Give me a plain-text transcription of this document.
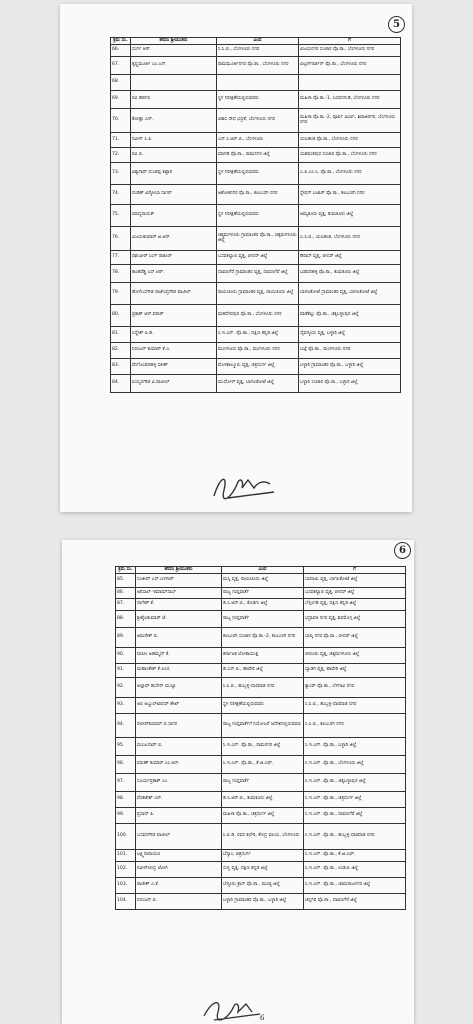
5
ಕ್ರಮ ಸಂ.	ಹೆಸರು ಶ್ರೀಯುತರು	ಎಂದ	ಗೆ
66.	ದುರ್ಗ ಆರ್.	ಸಿ.ಸಿ.ಬಿ., ಬೆಂಗಳೂರು ನಗರ	ವಿಜಯನಗರ ಸಂಚಾರ ಪೊ.ಠಾ., ಬೆಂಗಳೂರು ನಗರ
67.	ಕೃಷ್ಣಮೂರ್ತಿ ಎಂ.ಎನ್.	ರಾಮಮೂರ್ತಿನಗರ ಪೊ.ಠಾ., ಬೆಂಗಳೂರು ನಗರ	ವಿಲ್ಸನ್‌ಗಾರ್ಡನ್ ಪೊ.ಠಾ., ಬೆಂಗಳೂರು ನಗರ
68.			
69.	ರವಿ ಹಡಗಲಿ	ಸ್ಥಳ ನಿರೀಕ್ಷಣೆಯಲ್ಲಿರುವವರು	ಮಹಿಳಾ ಪೊ.ಠಾ.-1, ಬಸವನಗುಡಿ, ಬೆಂಗಳೂರು ನಗರ
70.	ಕೋಡ್ಲಾ ಎನ್.	ವಿಕಾಸ ಸೌಧ ಭದ್ರತೆ, ಬೆಂಗಳೂರು ನಗರ	ಮಹಿಳಾ ಪೊ.ಠಾ.-2, ಪೂರ್ವ ವಿಭಾಗ, ಶಿವಾಜಿನಗರ, ಬೆಂಗಳೂರು ನಗರ
71.	ನವೀನ್ ಸಿ.ಪಿ.	ಎಸ್.ಸಿ.ಆರ್.ಬಿ., ಬೆಂಗಳೂರು	ಯಲಹಂಕ ಪೊ.ಠಾ., ಬೆಂಗಳೂರು ನಗರ
72.	ರವಿ ಬಿ.	ಮಾಗಡಿ ಪೊ.ಠಾ., ರಾಮನಗರ ಜಿಲ್ಲೆ	ಯಶವಂತಪುರ ಸಂಚಾರ ಪೊ.ಠಾ., ಬೆಂಗಳೂರು ನಗರ
73.	ವಿಶ್ವನಾಥ್ ದುಂಡಪ್ಪ ಕಟ್ಟಾರಿ	ಸ್ಥಳ ನಿರೀಕ್ಷಣೆಯಲ್ಲಿರುವವರು	ಎ.ಪಿ.ಎಂ.ಸಿ. ಪೊ.ಠಾ., ಬೆಂಗಳೂರು ನಗರ
74.	ಪಂಡಿತ್ ವಿಠ್ಠೋಬಾ ಸಾಗರ್	ಅಶೋಕನಗರ ಪೊ.ಠಾ., ಕಲಬುರಗಿ ನಗರ	ಸ್ಟೇಷನ್ ಬಜಾರ್ ಪೊ.ಠಾ., ಕಲಬುರಗಿ ನಗರ
75.	ಮಾದ್ಯನಾಯಕ್	ಸ್ಥಳ ನಿರೀಕ್ಷಣೆಯಲ್ಲಿರುವವರು	ಅಮೃತೂರು ವೃತ್ತ, ತುಮಕೂರು ಜಿಲ್ಲೆ
76.	ವಿಜಯಕುಮಾರ್ ಜಿ.ಆರ್.	ಚಿಕ್ಕಮಗಳೂರು ಗ್ರಾಮಾಂತರ ಪೊ.ಠಾ., ಚಿಕ್ಕಮಗಳೂರು ಜಿಲ್ಲೆ	ಎ.ಸಿ.ಬಿ., ಯಲಹಂಕ, ಬೆಂಗಳೂರು ನಗರ
77.	ರಘುವೀರ್ ಸಿಂಗ್ ಠಾಕೂರ್	ಬಸವಕಲ್ಯಾಣ ವೃತ್ತ, ಬೀದರ್ ಜಿಲ್ಲೆ	ಔರಾದ್ ವೃತ್ತ, ಬೀದರ್ ಜಿಲ್ಲೆ
78.	ಕಾಂತರೆಡ್ಡಿ ಎಸ್.ಆರ್.	ದಾವಣಗೆರೆ ಗ್ರಾಮಾಂತರ ವೃತ್ತ, ದಾವಣಗೆರೆ ಜಿಲ್ಲೆ	ಬಡವನಹಳ್ಳಿ ಪೊ.ಠಾ., ತುಮಕೂರು ಜಿಲ್ಲೆ
79.	ಹೊಳೆಬಸಗೌಡ ರಾಜೇಂದ್ರಗೌಡ ಪಾಟೀಲ್	ರಾಯಚೂರು ಗ್ರಾಮಾಂತರ ವೃತ್ತ, ರಾಯಚೂರು ಜಿಲ್ಲೆ	ಬಾಗಲಕೋಟೆ ಗ್ರಾಮಾಂತರ ವೃತ್ತ, ಬಾಗಲಕೋಟೆ ಜಿಲ್ಲೆ
80.	ಪ್ರಕಾಶ್ ಆರ್.ವಠಾರ್	ಮಹದೇವಪುರ ಪೊ.ಠಾ., ಬೆಂಗಳೂರು ನಗರ	ವಾಡೆಕಲ್ಲು ಪೊ.ಠಾ., ಚಿಕ್ಕಬಳ್ಳಾಪುರ ಜಿಲ್ಲೆ
81.	ಸಿದ್ದೇಶ್ ಪಿ.ಡಿ.	ಸಿ.ಇ.ಎನ್. ಪೊ.ಠಾ., ದಕ್ಷಿಣ ಕನ್ನಡ ಜಿಲ್ಲೆ	ದೈವಳ್ಳೂರು ವೃತ್ತ, ಬಳ್ಳಾರಿ ಜಿಲ್ಲೆ
82.	ನಿರಂಜನ್ ಕುಮಾರ್ ಕೆ.ಎ.	ಮಂಗಳೂರು ಪೊ.ಠಾ., ಮಂಗಳೂರು ನಗರ	ಬಜ್ಪೆ ಪೊ.ಠಾ., ಮಂಗಳೂರು ನಗರ
83.	ವೆಂಗೊಂಡನಹಳ್ಳಿ ಸತೀಶ್	ಮೊಳಕಾಲ್ಮೂರು ವೃತ್ತ, ಚಿತ್ರದುರ್ಗ ಜಿಲ್ಲೆ	ಬಳ್ಳಾರಿ ಗ್ರಾಮಾಂತರ ಪೊ.ಠಾ., ಬಳ್ಳಾರಿ ಜಿಲ್ಲೆ
84.	ಐಯ್ಯನಗೌಡ ವಿ.ಪಾಟೀಲ್	ಮುಧೋಳ್ ವೃತ್ತ, ಬಾಗಲಕೋಟೆ ಜಿಲ್ಲೆ	ಬಳ್ಳಾರಿ ಸಂಚಾರ ಪೊ.ಠಾ., ಬಳ್ಳಾರಿ ಜಿಲ್ಲೆ
6
ಕ್ರಮ ಸಂ.	ಹೆಸರು ಶ್ರೀಯುತರು	ಎಂದ	ಗೆ
85.	ಸಂಜೀವ್ ಎಸ್.ಬಳಗಾರ್	ಮಸ್ಕಿ ವೃತ್ತ, ರಾಯಚೂರು ಜಿಲ್ಲೆ	ಬಾದಾಮಿ ವೃತ್ತ, ಬಾಗಲಕೋಟೆ ಜಿಲ್ಲೆ
86.	ಅರಿಸಾಲ್ ಇಮಾಮ್‌ಸಾಬ್	ರಾಜ್ಯ ಗುಪ್ತವಾರ್ತೆ	ಬಸವಕಲ್ಯಾಣ ವೃತ್ತ, ಬೀದರ್ ಜಿಲ್ಲೆ
87.	ನಾಗೇಶ್ ಕೆ.	ಡಿ.ಸಿ.ಆರ್.ಬಿ., ಕೊಡಗು ಜಿಲ್ಲೆ	ಬೆಳ್ತಂಗಡಿ ವೃತ್ತ, ದಕ್ಷಿಣ ಕನ್ನಡ ಜಿಲ್ಲೆ
88.	ಶ್ರೀಶೈಲಕುಮಾರ್ ಜೆ.	ರಾಜ್ಯ ಗುಪ್ತವಾರ್ತೆ	ಭದ್ರಾವತಿ ನಗರ ವೃತ್ತ, ಶಿವಮೊಗ್ಗ ಜಿಲ್ಲೆ
89.	ಅಮರೇಶ್ ಬಿ.	ಕಲಬುರಗಿ ಸಂಚಾರ ಪೊ.ಠಾ.-2, ಕಲಬುರಗಿ ನಗರ	ಭಾಲ್ಕಿ ನಗರ ಪೊ.ಠಾ., ಬೀದರ್ ಜಿಲ್ಲೆ
90.	ವಾಸೀಂ ಅಹಮ್ಮದ್ ಕೆ.	ಕರ್ನಾಟಕ ಲೋಕಾಯುಕ್ತ	ಬೀರೂರು ವೃತ್ತ, ಚಿಕ್ಕಮಗಳೂರು ಜಿಲ್ಲೆ
91.	ಮಹಾಂತೇಶ್ ಕೆ.ಲಂಬಿ	ಡಿ.ಎಸ್.ಬಿ., ಹಾವೇರಿ ಜಿಲ್ಲೆ	ಬ್ಯಾಡಗಿ ವೃತ್ತ, ಹಾವೇರಿ ಜಿಲ್ಲೆ
92.	ಅಲ್ತಾಫ್ ಹುಸೇನ್ ಮುಲ್ಲಾ	ಸಿ.ಸಿ.ಬಿ., ಹುಬ್ಬಳ್ಳಿ-ಧಾರವಾಡ ನಗರ	ಕ್ಯಾಂಪ್ ಪೊ.ಠಾ., ಬೆಳಗಾವಿ ನಗರ
93.	ಅಲಿ ಅಬ್ದುಲ್‌ಖಾದರ್ ಶೇಖ್	ಸ್ಥಳ ನಿರೀಕ್ಷಣೆಯಲ್ಲಿರುವವರು	ಸಿ.ಸಿ.ಬಿ., ಹುಬ್ಬಳ್ಳಿ-ಧಾರವಾಡ ನಗರ
94.	ದಿಲೀಪ್‌ಕುಮಾರ್ ಬಿ.ಸಾಗರ	ರಾಜ್ಯ ಗುಪ್ತವಾರ್ತೆಗೆ ನಿಯೋಜನೆ ಆದೇಶದಲ್ಲಿರುವವರು	ಸಿ.ಸಿ.ಬಿ., ಕಲಬುರಗಿ ನಗರ
95.	ಮಂಜುನಾಥ್ ಬಿ.	ಸಿ.ಇ.ಎನ್. ಪೊ.ಠಾ., ರಾಮನಗರ ಜಿಲ್ಲೆ	ಸಿ.ಇ.ಎನ್. ಪೊ.ಠಾ., ಬಳ್ಳಾರಿ ಜಿಲ್ಲೆ
96.	ವರುಣ್ ಕುಮಾರ್ ಎಂ.ಆರ್.	ಸಿ.ಇ.ಎನ್. ಪೊ.ಠಾ., ಕೆ.ಜಿ.ಎಫ್.	ಸಿ.ಇ.ಎನ್. ಪೊ.ಠಾ., ಬೆಂಗಳೂರು ಜಿಲ್ಲೆ
97.	ಸೂರ್ಯಪ್ರಕಾಶ್ ಎಂ.	ರಾಜ್ಯ ಗುಪ್ತವಾರ್ತೆ	ಸಿ.ಇ.ಎನ್. ಪೊ.ಠಾ., ಚಿಕ್ಕಬಳ್ಳಾಪುರ ಜಿಲ್ಲೆ
98.	ವೆಂಕಟೇಶ್ ಎನ್.	ಡಿ.ಸಿ.ಆರ್.ಬಿ., ತುಮಕೂರು ಜಿಲ್ಲೆ	ಸಿ.ಇ.ಎನ್. ಪೊ.ಠಾ., ಚಿತ್ರದುರ್ಗ ಜಿಲ್ಲೆ
99.	ಪ್ರಸಾದ್ ಪಿ.	ಮಹಿಳಾ ಪೊ.ಠಾ., ಚಿತ್ರದುರ್ಗ ಜಿಲ್ಲೆ	ಸಿ.ಇ.ಎನ್. ಪೊ.ಠಾ., ದಾವಣಗೆರೆ ಜಿಲ್ಲೆ
100.	ಬಸವನಗೌಡ ಪಾಟೀಲ್	ಸಿ.ಐ.ಡಿ. ರವರ ಕಛೇರಿ, ಕೇಂದ್ರ ವಲಯ, ಬೆಂಗಳೂರು	ಸಿ.ಇ.ಎನ್. ಪೊ.ಠಾ., ಹುಬ್ಬಳ್ಳಿ-ಧಾರವಾಡ ನಗರ
101.	ಲಕ್ಷ್ಮಿನಾರಾಯಣ	ಬೆಸ್ಕಾಂ, ಚಿತ್ರದುರ್ಗ	ಸಿ.ಇ.ಎನ್. ಪೊ.ಠಾ., ಕೆ.ಜಿ.ಎಫ್.
102.	ನವೀನ್‌ಚಂದ್ರ ಜೋಗಿ	ಸುಳ್ಯ ವೃತ್ತ, ದಕ್ಷಿಣ ಕನ್ನಡ ಜಿಲ್ಲೆ	ಸಿ.ಇ.ಎನ್. ಪೊ.ಠಾ., ಉಡುಪಿ ಜಿಲ್ಲೆ
103.	ರಾಜೇಶ್ ಎ.ಕೆ.	ಬೆಳ್ಳೂರು ಕ್ರಾಸ್ ಪೊ.ಠಾ., ಮಂಡ್ಯ ಜಿಲ್ಲೆ	ಸಿ.ಇ.ಎನ್. ಪೊ.ಠಾ., ಚಾಮರಾಜನಗರ ಜಿಲ್ಲೆ
104.	ನಿರಂಜನ್ ಬಿ.	ಬಳ್ಳಾರಿ ಗ್ರಾಮಾಂತರ ಪೊ.ಠಾ., ಬಳ್ಳಾರಿ ಜಿಲ್ಲೆ	ಚನ್ನಗಿರಿ ಪೊ.ಠಾ., ದಾವಣಗೆರೆ ಜಿಲ್ಲೆ
6
